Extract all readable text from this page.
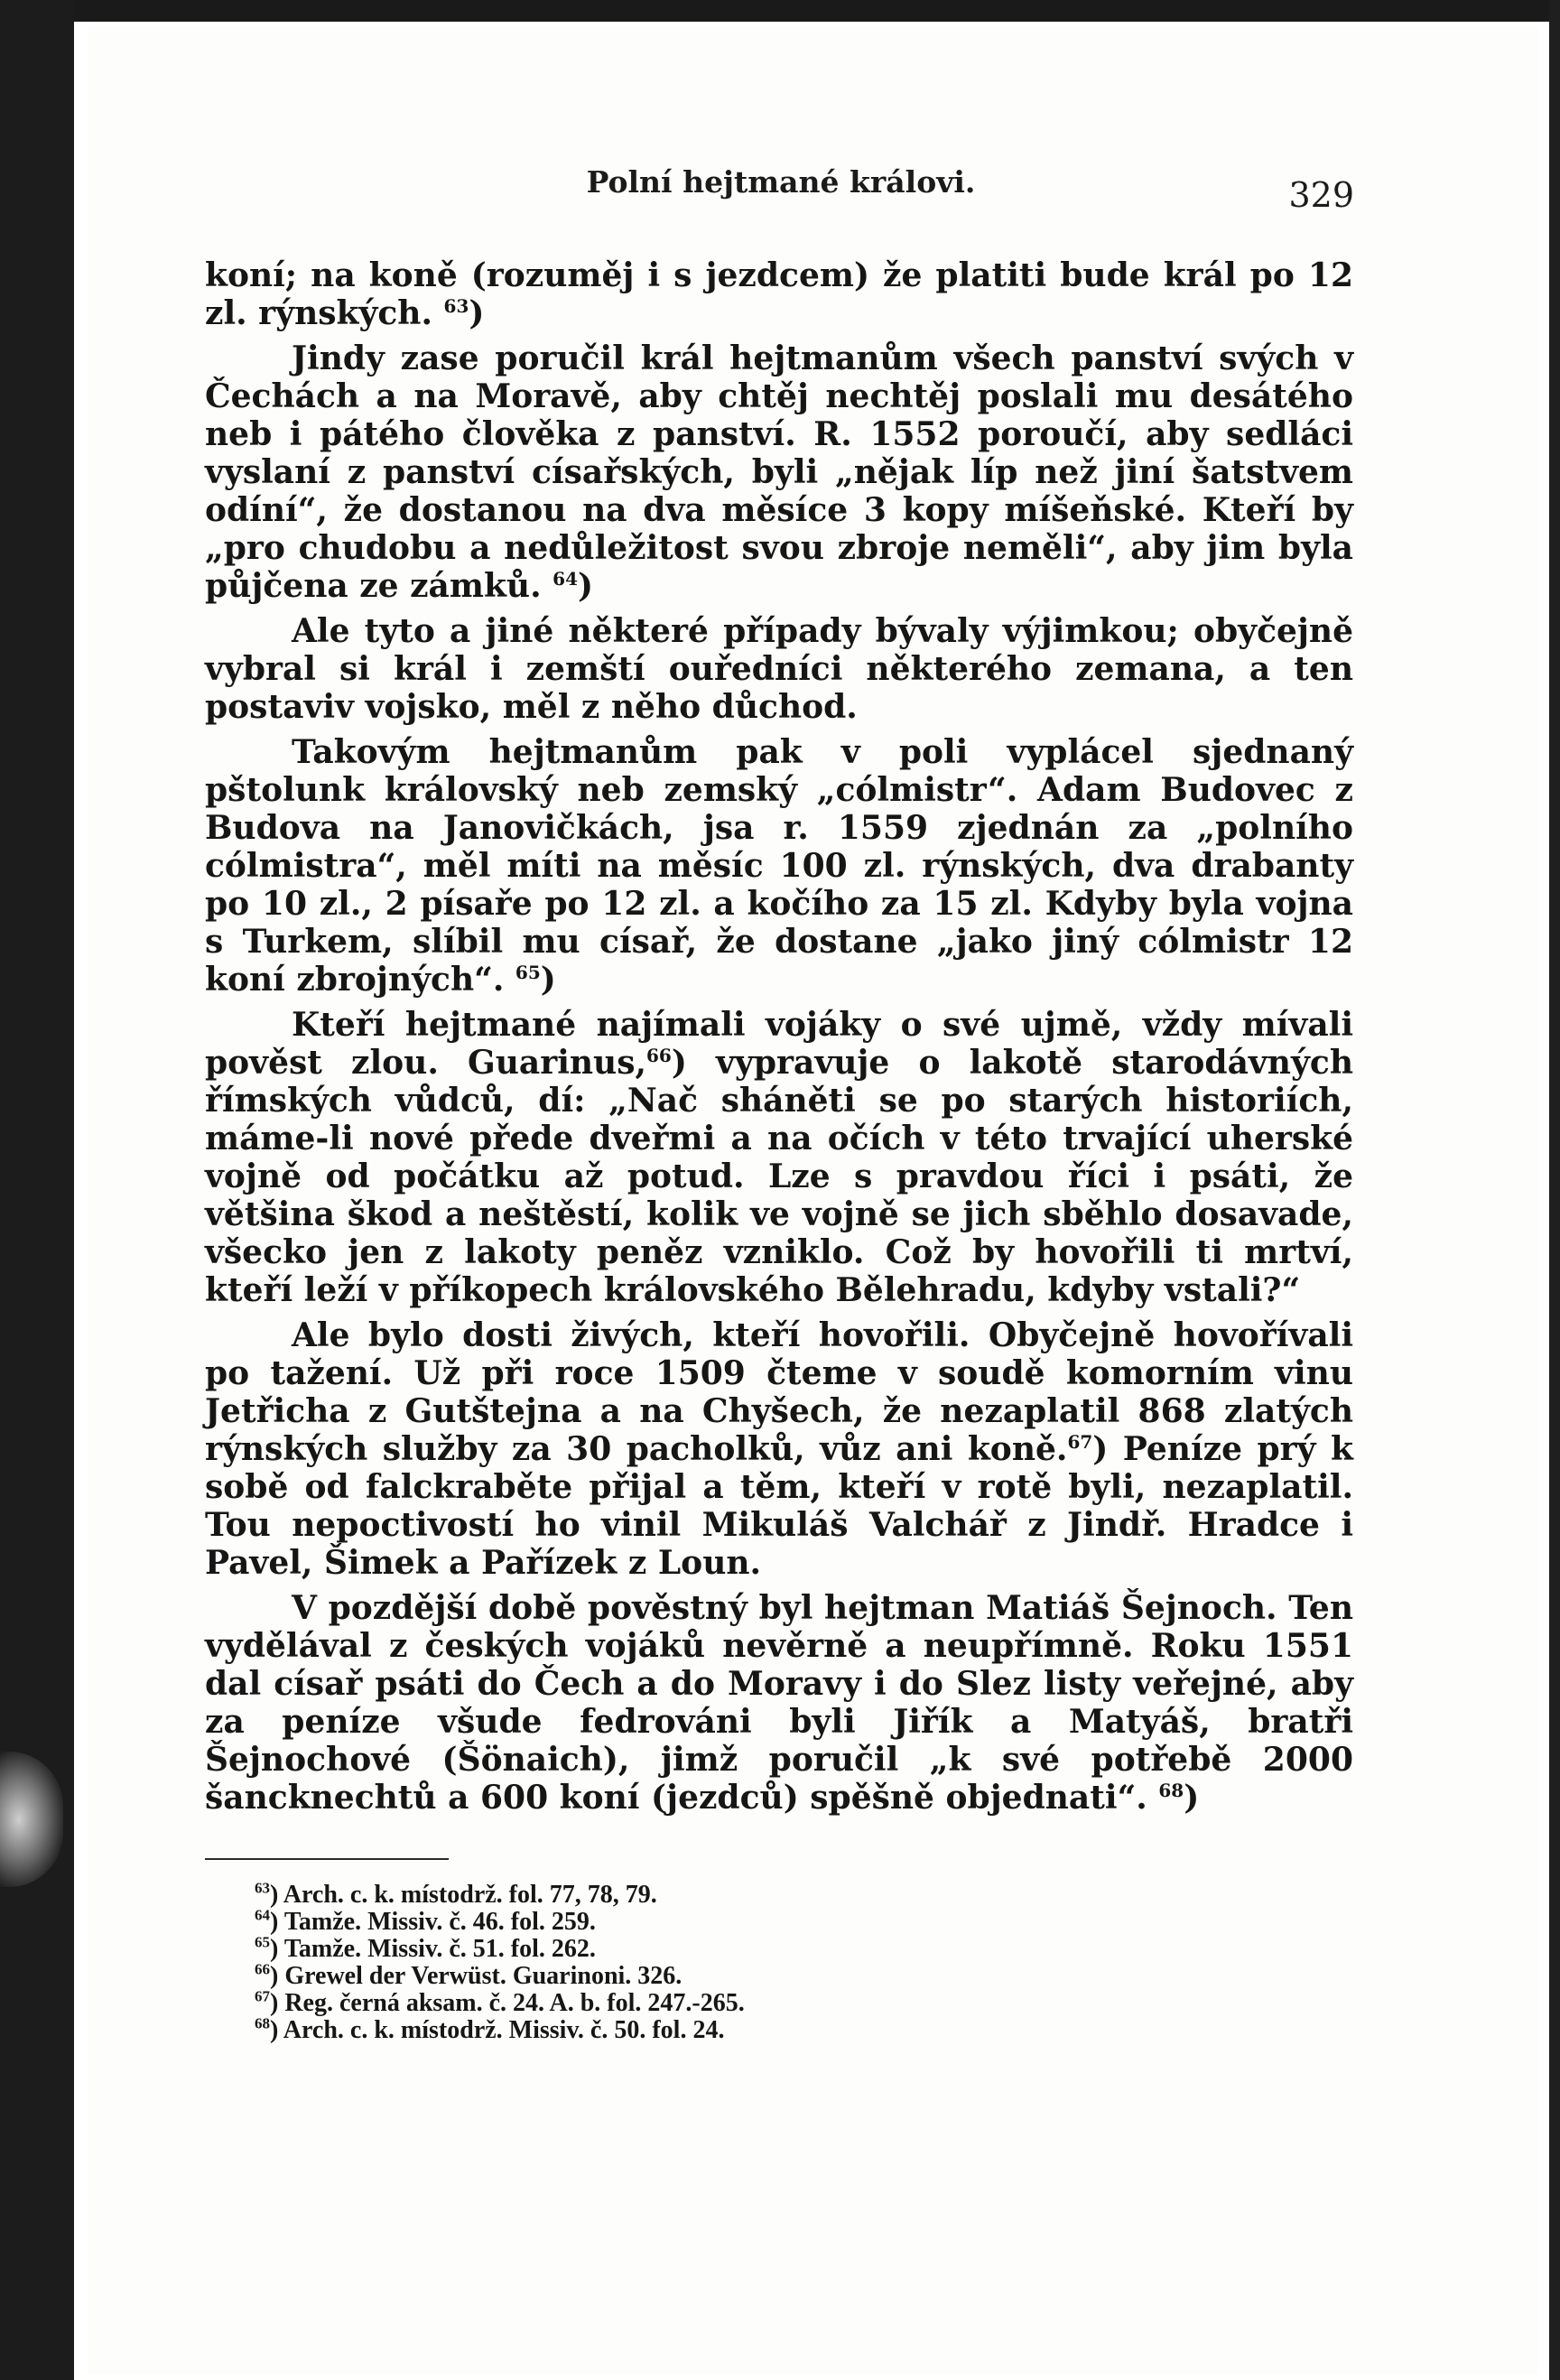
Polní hejtmané královi.	329

koní; na koně (rozuměj i s jezdcem) že platiti bude král po 12 zl. rýnských. $^{63}$)

Jindy zase poručil král hejtmanům všech panství svých v Čechách a na Moravě, aby chtěj nechtěj poslali mu desátého neb i pátého člověka z panství. R. 1552 poroučí, aby sedláci vyslaní z panství císařských, byli „nějak líp než jiní šatstvem odíní“, že dostanou na dva měsíce 3 kopy míšeňské. Kteří by „pro chudobu a nedůležitost svou zbroje neměli“, aby jim byla půjčena ze zámků. $^{64}$)

Ale tyto a jiné některé případy bývaly výjimkou; obyčejně vybral si král i zemští ouředníci některého zemana, a ten postaviv vojsko, měl z něho důchod.

Takovým hejtmanům pak v poli vyplácel sjednaný pštolunk královský neb zemský „cólmistr“. Adam Budovec z Budova na Janovičkách, jsa r. 1559 zjednán za „polního cólmistra“, měl míti na měsíc 100 zl. rýnských, dva drabanty po 10 zl., 2 písaře po 12 zl. a kočího za 15 zl. Kdyby byla vojna s Turkem, slíbil mu císař, že dostane „jako jiný cólmistr 12 koní zbrojných“. $^{65}$)

Kteří hejtmané najímali vojáky o své ujmě, vždy mívali pověst zlou. Guarinus,$^{66}$) vypravuje o lakotě starodávných římských vůdců, dí: „Nač sháněti se po starých historiích, máme-li nové přede dveřmi a na očích v této trvající uherské vojně od počátku až potud. Lze s pravdou říci i psáti, že většina škod a neštěstí, kolik ve vojně se jich sběhlo dosavade, všecko jen z lakoty peněz vzniklo. Což by hovořili ti mrtví, kteří leží v příkopech královského Bělehradu, kdyby vstali?“

Ale bylo dosti živých, kteří hovořili. Obyčejně hovořívali po tažení. Už při roce 1509 čteme v soudě komorním vinu Jetřicha z Gutštejna a na Chyšech, že nezaplatil 868 zlatých rýnských služby za 30 pacholků, vůz ani koně.$^{67}$) Peníze prý k sobě od falckraběte přijal a těm, kteří v rotě byli, nezaplatil. Tou nepoctivostí ho vinil Mikuláš Valchář z Jindř. Hradce i Pavel, Šimek a Pařízek z Loun.

V pozdější době pověstný byl hejtman Matiáš Šejnoch. Ten vydělával z českých vojáků nevěrně a neupřímně. Roku 1551 dal císař psáti do Čech a do Moravy i do Slez listy veřejné, aby za peníze všude fedrováni byli Jiřík a Matyáš, bratři Šejnochové (Šönaich), jimž poručil „k své potřebě 2000 šancknechtů a 600 koní (jezdců) spěšně objednati“. $^{68}$)

$^{63}$) Arch. c. k. místodrž. fol. 77, 78, 79.
$^{64}$) Tamže. Missiv. č. 46. fol. 259.
$^{65}$) Tamže. Missiv. č. 51. fol. 262.
$^{66}$) Grewel der Verwüst. Guarinoni. 326.
$^{67}$) Reg. černá aksam. č. 24. A. b. fol. 247.-265.
$^{68}$) Arch. c. k. místodrž. Missiv. č. 50. fol. 24.
